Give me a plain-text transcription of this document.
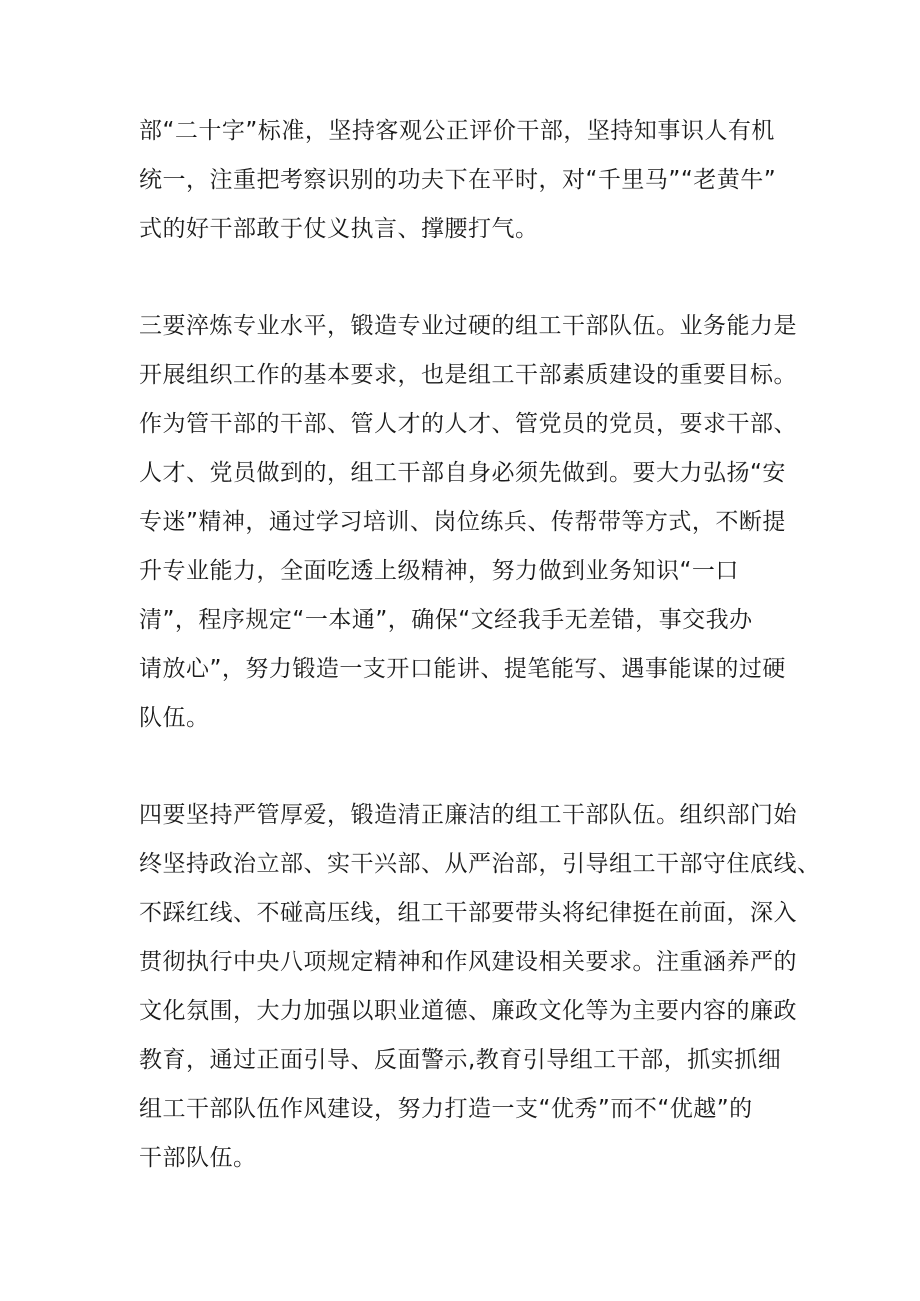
部“二十字”标准，坚持客观公正评价干部，坚持知事识人有机
统一，注重把考察识别的功夫下在平时，对“千里马”“老黄牛”
式的好干部敢于仗义执言、撑腰打气。
三要淬炼专业水平，锻造专业过硬的组工干部队伍。业务能力是
开展组织工作的基本要求，也是组工干部素质建设的重要目标。
作为管干部的干部、管人才的人才、管党员的党员，要求干部、
人才、党员做到的，组工干部自身必须先做到。要大力弘扬“安
专迷”精神，通过学习培训、岗位练兵、传帮带等方式，不断提
升专业能力，全面吃透上级精神，努力做到业务知识“一口
清”，程序规定“一本通”，确保“文经我手无差错，事交我办
请放心”，努力锻造一支开口能讲、提笔能写、遇事能谋的过硬
队伍。
四要坚持严管厚爱，锻造清正廉洁的组工干部队伍。组织部门始
终坚持政治立部、实干兴部、从严治部，引导组工干部守住底线、
不踩红线、不碰高压线，组工干部要带头将纪律挺在前面，深入
贯彻执行中央八项规定精神和作风建设相关要求。注重涵养严的
文化氛围，大力加强以职业道德、廉政文化等为主要内容的廉政
教育，通过正面引导、反面警示,教育引导组工干部，抓实抓细
组工干部队伍作风建设，努力打造一支“优秀”而不“优越”的
干部队伍。
